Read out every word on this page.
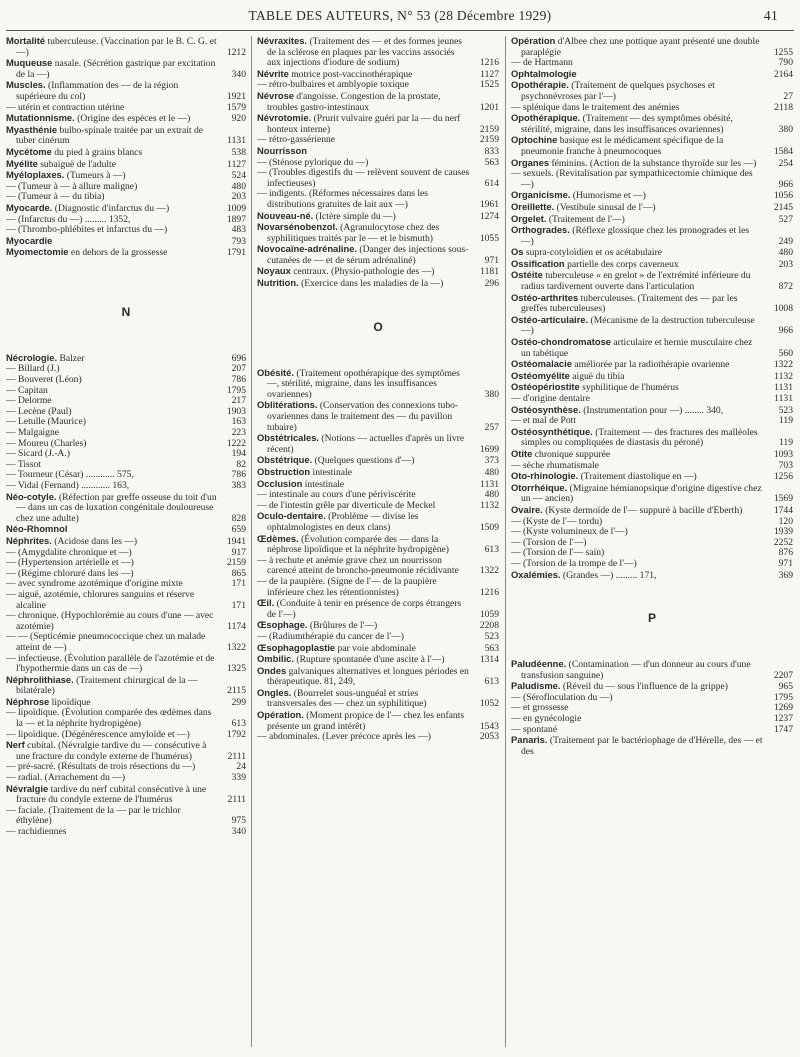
TABLE DES AUTEURS, N° 53 (28 Décembre 1929)	41
Mortalité tuberculeuse. (Vaccination par le B. C. G. et —)	1212
Muqueuse nasale. (Sécrétion gastrique par excitation de la —)	340
Muscles. (Inflammation des — de la région supérieure du col)	1921
— utérin et contraction utérine	1579
Mutationnisme. (Origine des espèces et le —)	920
Myasthénie bulbo-spinale traitée par un extrait de tuber cinérum	1131
Mycétome du pied à grains blancs	538
Myélite subaiguë de l'adulte	1127
Myéloplaxes. (Tumeurs à —)	524
— (Tumeur à — à allure maligne)	480
— (Tumeur à — du tibia)	203
Myocarde. (Diagnostic d'infarctus du —)	1009
— (Infarctus du —) ......... 1352,	1897
— (Thrombo-phlébites et infarctus du —)	483
Myocardie	793
Myomectomie en dehors de la grossesse	1791
N
Nécrologie. Balzer	696
— Billard (J.)	207
— Bouveret (Léon)	786
— Capitan	1795
— Delorme	217
— Lecène (Paul)	1903
— Letulle (Maurice)	163
— Malgaigne	223
— Moureu (Charles)	1222
— Sicard (J.-A.)	194
— Tissot	82
— Tourneur (César) ............ 575,	786
— Vidal (Fernand) ............ 163,	383
Néo-cotyle. (Réfection par greffe osseuse du toit d'un — dans un cas de luxation congénitale douloureuse chez une adulte)	828
Néo-Rhomnol	659
Néphrites. (Acidose dans les —)	1941
— (Amygdalite chronique et —)	917
— (Hypertension artérielle et —)	2159
— (Régime chloruré dans les —)	865
— avec syndrome azotémique d'origine mixte	171
— aiguë, azotémie, chlorures sanguins et réserve alcaline	171
— chronique. (Hypochlorémie au cours d'une — avec azotémie)	1174
— — (Septicémie pneumococcique chez un malade atteint de —)	1322
— infectieuse. (Évolution parallèle de l'azotémie et de l'hypothermie dans un cas de —)	1325
Néphrolithiase. (Traitement chirurgical de la — bilatérale)	2115
Néphrose lipoïdique	299
— lipoïdique. (Évolution comparée des œdèmes dans la — et la néphrite hydropigène)	613
— lipoïdique. (Dégénérescence amyloïde et —)	1792
Nerf cubital. (Névralgie tardive du — consécutive à une fracture du condyle externe de l'humérus)	2111
— pré-sacré. (Résultats de trois résections du —)	24
— radial. (Arrachement du —)	339
Névralgie tardive du nerf cubital consécutive à une fracture du condyle externe de l'humérus	2111
— faciale. (Traitement de la — par le trichlor éthylène)	975
— rachidiennes	340
Névraxites. (Traitement des — et des formes jeunes de la sclérose en plaques par les vaccins associés aux injections d'iodure de sodium)	1216
Névrite motrice post-vaccinothérapique	1127
— rétro-bulbaires et amblyopie toxique	1525
Névrose d'angoisse. Congestion de la prostate, troubles gastro-intestinaux	1201
Névrotomie. (Prurit vulvaire guéri par la — du nerf honteux interne)	2159
— rétro-gassérienne	2159
Nourrisson	833
— (Sténose pylorique du —)	563
— (Troubles digestifs du — relèvent souvent de causes infectieuses)	614
— indigents. (Réformes nécessaires dans les distributions gratuites de lait aux —)	1961
Nouveau-né. (Ictère simple du —)	1274
Novarsénobenzol. (Agranulocytose chez des syphilitiques traités par le — et le bismuth)	1055
Novocaïne-adrénaline. (Danger des injections sous-cutanées de — et de sérum adrénaliné)	971
Noyaux centraux. (Physio-pathologie des —)	1181
Nutrition. (Exercice dans les maladies de la —)	296
O
Obésité. (Traitement opothérapique des symptômes —, stérilité, migraine, dans les insuffisances ovariennes)	380
Oblitérations. (Conservation des connexions tubo-ovariennes dans le traitement des — du pavillon tubaire)	257
Obstétricales. (Notions — actuelles d'après un livre récent)	1699
Obstétrique. (Quelques questions d'—)	373
Obstruction intestinale	480
Occlusion intestinale	1131
— intestinale au cours d'une périviscérite	480
— de l'intestin grêle par diverticule de Meckel	1132
Oculo-dentaire. (Problème — divise les ophtalmologistes en deux clans)	1509
Œdèmes. (Évolution comparée des — dans la néphrose lipoïdique et la néphrite hydropigène)	613
— à rechute et anémie grave chez un nourrisson carencé atteint de broncho-pneumonie récidivante	1322
— de la paupière. (Signe de l'— de la paupière inférieure chez les rétentionnistes)	1216
Œil. (Conduite à tenir en présence de corps étrangers de l'—)	1059
Œsophage. (Brûlures de l'—)	2208
— (Radiumthérapie du cancer de l'—)	523
Œsophagoplastie par voie abdominale	563
Ombilic. (Rupture spontanée d'une ascite à l'—)	1314
Ondes galvaniques alternatives et longues périodes en thérapeutique. 81, 249,	613
Ongles. (Bourrelet sous-unguéal et stries transversales des — chez un syphilitique)	1052
Opération. (Moment propice de l'— chez les enfants présente un grand intérêt)	1543
— abdominales. (Lever précoce après les —)	2053
Opération d'Albee chez une pottique ayant présenté une double paraplégie	1255
— de Hartmann	790
Ophtalmologie	2164
Opothérapie. (Traitement de quelques psychoses et psychonévroses par l'—)	27
— splénique dans le traitement des anémies	2118
Opothérapique. (Traitement — des symptômes obésité, stérilité, migraine, dans les insuffisances ovariennes)	380
Optochine basique est le médicament spécifique de la pneumonie franche à pneumocoques	1584
Organes féminins. (Action de la substance thyroïde sur les —)	254
— sexuels. (Revitalisation par sympathicectomie chimique des —)	966
Organicisme. (Humorisme et —)	1056
Oreillette. (Vestibule sinusal de l'—)	2145
Orgelet. (Traitement de l'—)	527
Orthogrades. (Réflexe glossique chez les pronogrades et les —)	249
Os supra-cotyloïdien et os acétabulaire	480
Ossification partielle des corps caverneux	203
Ostéite tuberculeuse « en grelot » de l'extrémité inférieure du radius tardivement ouverte dans l'articulation	872
Ostéo-arthrites tuberculeuses. (Traitement des — par les greffes tuberculeuses)	1008
Ostéo-articulaire. (Mécanisme de la destruction tuberculeuse —)	966
Ostéo-chondromatose articulaire et hernie musculaire chez un tabétique	560
Ostéomalacie améliorée par la radiothérapie ovarienne	1322
Ostéomyélite aiguë du tibia	1132
Ostéopériostite syphilitique de l'humérus	1131
— d'origine dentaire	1131
Ostéosynthèse. (Instrumentation pour —) ........ 340,	523
— et mal de Pott	119
Ostéosynthétique. (Traitement — des fractures des malléoles simples ou compliquées de diastasis du péroné)	119
Otite chronique suppurée	1093
— sèche rhumatismale	703
Oto-rhinologie. (Traitement diastolique en —)	1256
Otorrhéique. (Migraine hémianopsique d'origine digestive chez un — ancien)	1569
Ovaire. (Kyste dermoïde de l'— suppuré à bacille d'Eberth)	1744
— (Kyste de l'— tordu)	120
— (Kyste volumineux de l'—)	1939
— (Torsion de l'—)	2252
— (Torsion de l'— sain)	876
— (Torsion de la trompe de l'—)	971
Oxalémies. (Grandes —) ......... 171,	369
P
Paludéenne. (Contamination — d'un donneur au cours d'une transfusion sanguine)	2207
Paludisme. (Réveil du — sous l'influence de la grippe)	965
— (Sérofloculation du —)	1795
— et grossesse	1269
— en gynécologie	1237
— spontané	1747
Panaris. (Traitement par le bactériophage de d'Hérelle, des — et des
